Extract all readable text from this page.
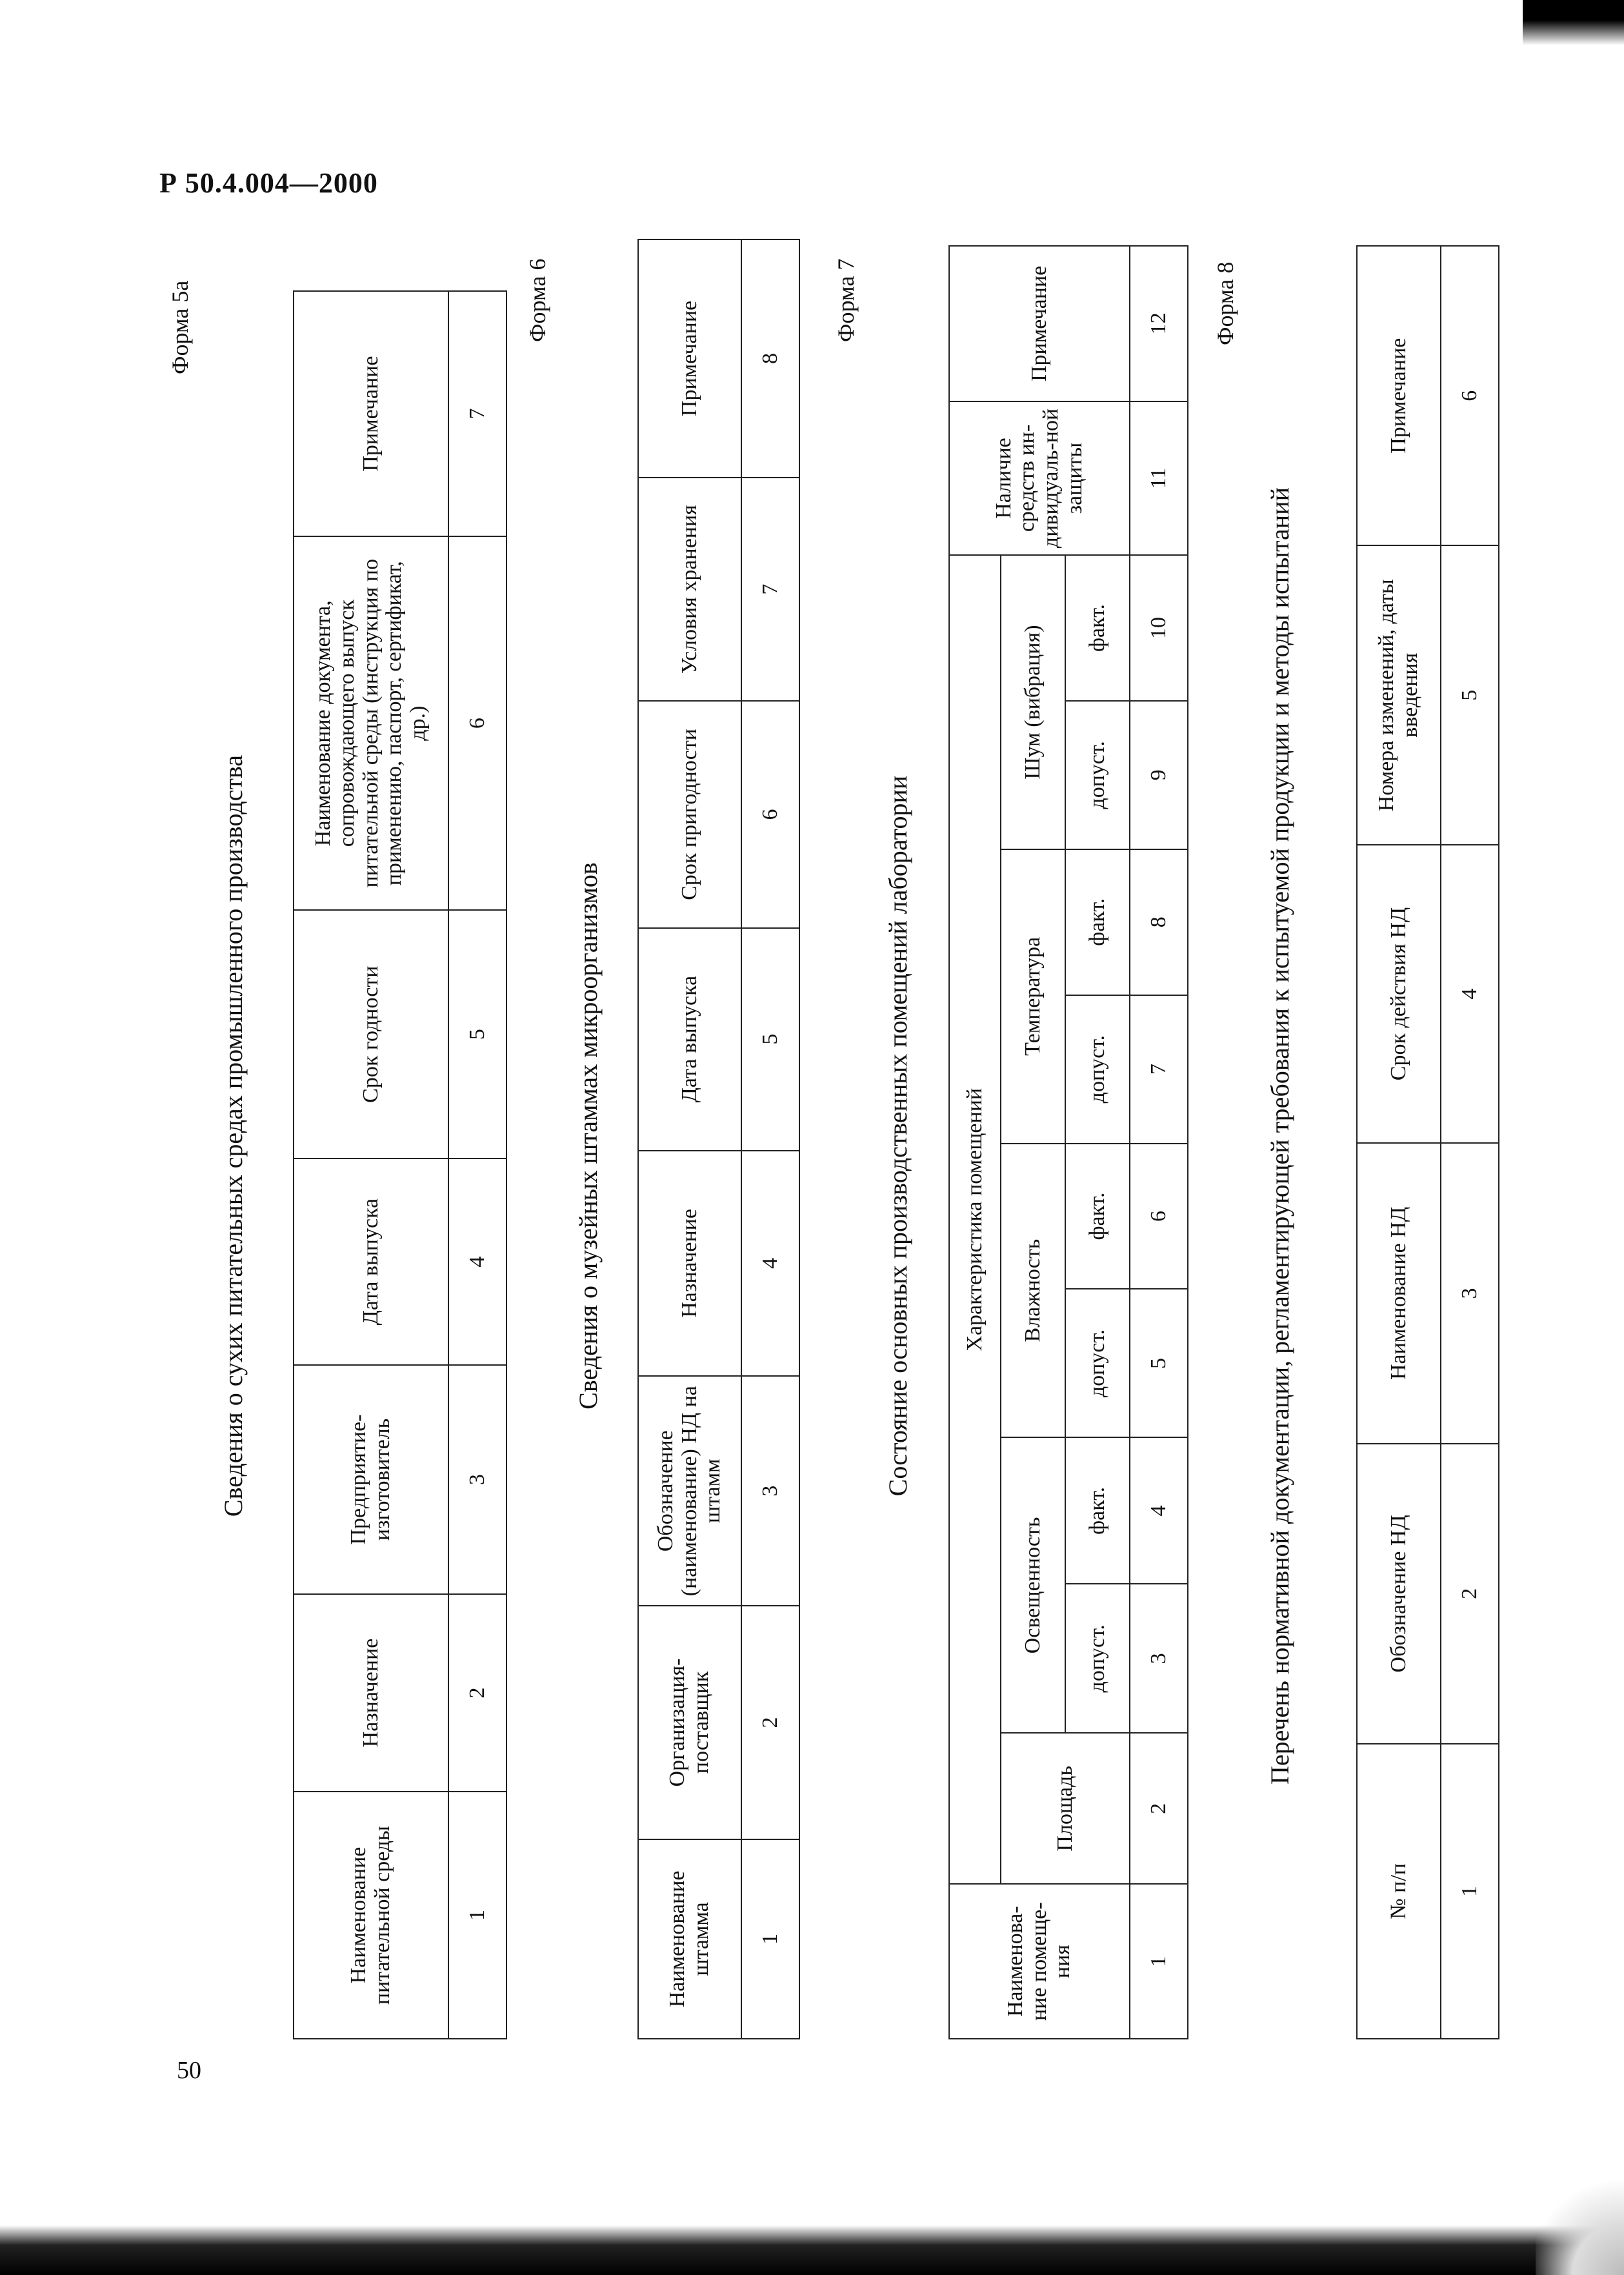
Р 50.4.004—2000
50
Форма 5а
Сведения о сухих питательных средах промышленного производства
Наименование питательной среды	Назначение	Предприятие-изготовитель	Дата выпуска	Срок годности	Наименование документа, сопровождающего выпуск питательной среды (инструкция по применению, паспорт, сертификат, др.)	Примечание
1	2	3	4	5	6	7
Форма 6
Сведения о музейных штаммах микроорганизмов
Наименование штамма	Организация-поставщик	Обозначение (наименование) НД на штамм	Назначение	Дата выпуска	Срок пригодности	Условия хранения	Примечание
1	2	3	4	5	6	7	8
Форма 7
Состояние основных производственных помещений лаборатории
Наименова-ние помеще-ния	Характеристика помещений									Наличие средств ин-дивидуаль-ной защиты	Примечание
	Площадь	Освещенность		Влажность		Температура		Шум (вибрация)			
		допуст.	факт.	допуст.	факт.	допуст.	факт.	допуст.	факт.		
1	2	3	4	5	6	7	8	9	10	11	12 Форма 8
Перечень нормативной документации, регламентирующей требования к испытуемой продукции и методы испытаний
№ п/п	Обозначение НД	Наименование НД	Срок действия НД	Номера изменений, даты введения	Примечание
1	2	3	4	5	6
